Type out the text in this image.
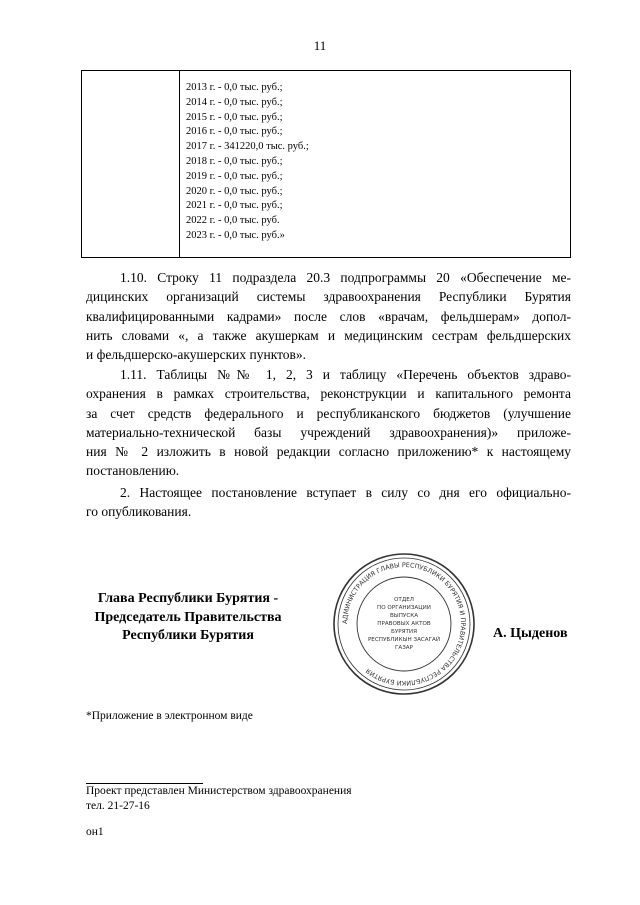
11
2013 г. - 0,0 тыс. руб.;
2014 г. - 0,0 тыс. руб.;
2015 г. - 0,0 тыс. руб.;
2016 г. - 0,0 тыс. руб.;
2017 г. - 341220,0 тыс. руб.;
2018 г. - 0,0 тыс. руб.;
2019 г. - 0,0 тыс. руб.;
2020 г. - 0,0 тыс. руб.;
2021 г. - 0,0 тыс. руб.;
2022 г. - 0,0 тыс. руб.
2023 г. - 0,0 тыс. руб.»
1.10. Строку 11 подраздела 20.3 подпрограммы 20 «Обеспечение ме-
дицинских организаций системы здравоохранения Республики Бурятия
квалифицированными кадрами» после слов «врачам, фельдшерам» допол-
нить словами «, а также акушеркам и медицинским сестрам фельдшерских
и фельдшерско-акушерских пунктов».
1.11. Таблицы №№ 1, 2, 3 и таблицу «Перечень объектов здраво-
охранения в рамках строительства, реконструкции и капитального ремонта
за счет средств федерального и республиканского бюджетов (улучшение
материально-технической базы учреждений здравоохранения)» приложе-
ния № 2 изложить в новой редакции согласно приложению* к настоящему
постановлению.
2. Настоящее постановление вступает в силу со дня его официально-
го опубликования.
Глава Республики Бурятия -
Председатель Правительства
Республики Бурятия
АДМИНИСТРАЦИЯ ГЛАВЫ РЕСПУБЛИКИ БУРЯТИЯ И ПРАВИТЕЛЬСТВА РЕСПУБЛИКИ БУРЯТИЯ
ОТДЕЛ
ПО ОРГАНИЗАЦИИ
ВЫПУСКА
ПРАВОВЫХ АКТОВ
БУРЯТИЯ
РЕСПУБЛИКЫН ЗАСАГАЙ
ГАЗАР
А. Цыденов
*Приложение в электронном виде
Проект представлен Министерством здравоохранения
тел. 21-27-16
он1
